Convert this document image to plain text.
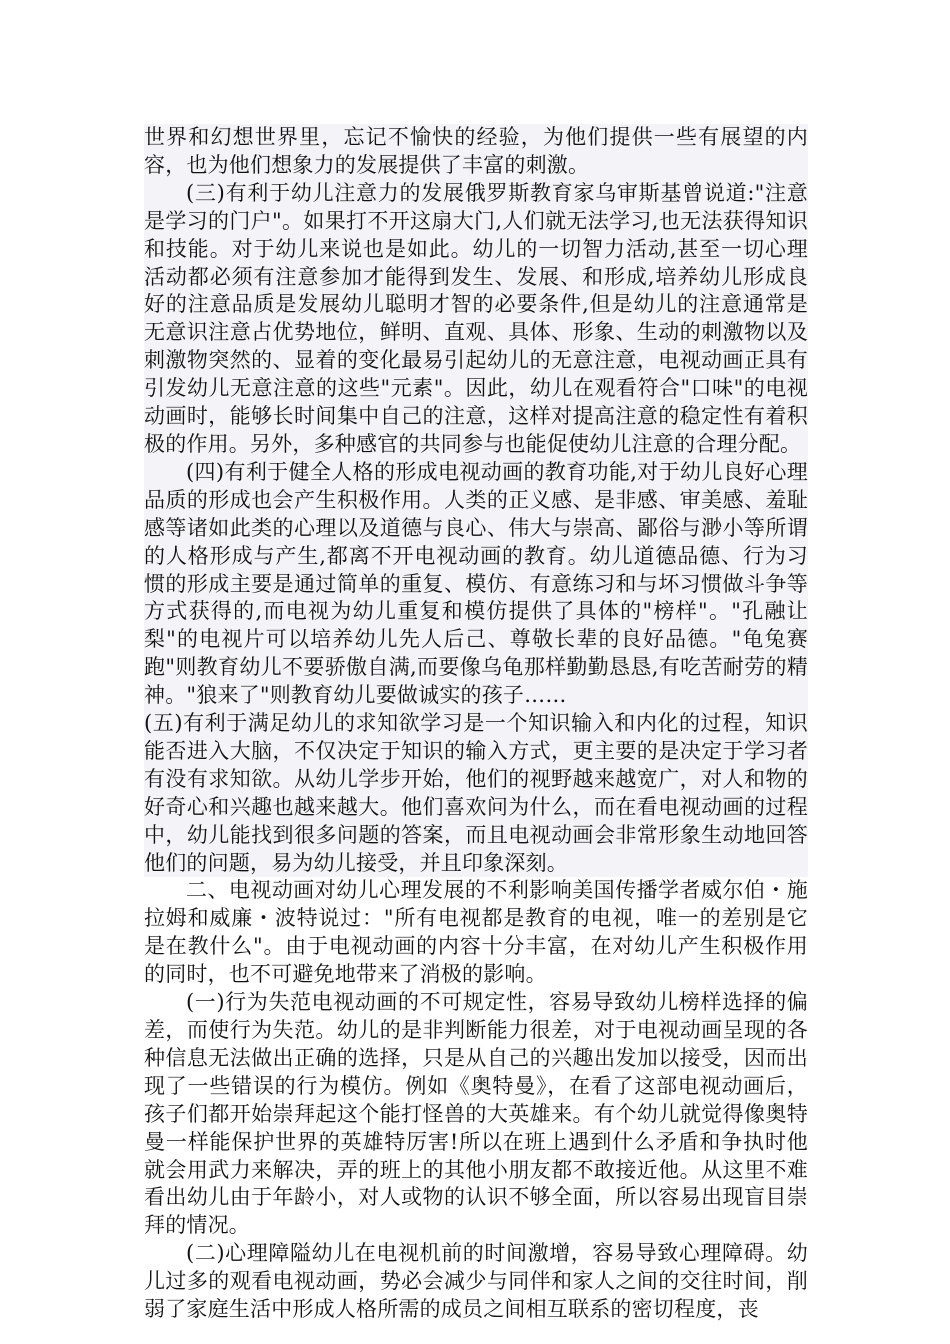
世界和幻想世界里，忘记不愉快的经验，为他们提供一些有展望的内容，也为他们想象力的发展提供了丰富的刺激。

(三)有利于幼儿注意力的发展俄罗斯教育家乌审斯基曾说道:"注意是学习的门户"。如果打不开这扇大门,人们就无法学习,也无法获得知识和技能。对于幼儿来说也是如此。幼儿的一切智力活动,甚至一切心理活动都必须有注意参加才能得到发生、发展、和形成,培养幼儿形成良好的注意品质是发展幼儿聪明才智的必要条件,但是幼儿的注意通常是无意识注意占优势地位，鲜明、直观、具体、形象、生动的刺激物以及刺激物突然的、显着的变化最易引起幼儿的无意注意，电视动画正具有引发幼儿无意注意的这些"元素"。因此，幼儿在观看符合"口味"的电视动画时，能够长时间集中自己的注意，这样对提高注意的稳定性有着积极的作用。另外，多种感官的共同参与也能促使幼儿注意的合理分配。

(四)有利于健全人格的形成电视动画的教育功能,对于幼儿良好心理品质的形成也会产生积极作用。人类的正义感、是非感、审美感、羞耻感等诸如此类的心理以及道德与良心、伟大与崇高、鄙俗与渺小等所谓的人格形成与产生,都离不开电视动画的教育。幼儿道德品德、行为习惯的形成主要是通过简单的重复、模仿、有意练习和与坏习惯做斗争等方式获得的,而电视为幼儿重复和模仿提供了具体的"榜样"。"孔融让梨"的电视片可以培养幼儿先人后己、尊敬长辈的良好品德。"龟兔赛跑"则教育幼儿不要骄傲自满,而要像乌龟那样勤勤恳恳,有吃苦耐劳的精神。"狼来了"则教育幼儿要做诚实的孩子……

(五)有利于满足幼儿的求知欲学习是一个知识输入和内化的过程，知识能否进入大脑，不仅决定于知识的输入方式，更主要的是决定于学习者有没有求知欲。从幼儿学步开始，他们的视野越来越宽广，对人和物的好奇心和兴趣也越来越大。他们喜欢问为什么，而在看电视动画的过程中，幼儿能找到很多问题的答案，而且电视动画会非常形象生动地回答他们的问题，易为幼儿接受，并且印象深刻。

二、电视动画对幼儿心理发展的不利影响美国传播学者威尔伯・施 拉姆和威廉・波特说过："所有电视都是教育的电视，唯一的差别是它是在教什么"。由于电视动画的内容十分丰富，在对幼儿产生积极作用的同时，也不可避免地带来了消极的影响。

(一)行为失范电视动画的不可规定性，容易导致幼儿榜样选择的偏差，而使行为失范。幼儿的是非判断能力很差，对于电视动画呈现的各种信息无法做出正确的选择，只是从自己的兴趣出发加以接受，因而出现了一些错误的行为模仿。例如《奥特曼》，在看了这部电视动画后，孩子们都开始崇拜起这个能打怪兽的大英雄来。有个幼儿就觉得像奥特曼一样能保护世界的英雄特厉害!所以在班上遇到什么矛盾和争执时他就会用武力来解决，弄的班上的其他小朋友都不敢接近他。从这里不难看出幼儿由于年龄小，对人或物的认识不够全面，所以容易出现盲目崇拜的情况。

(二)心理障隘幼儿在电视机前的时间激增，容易导致心理障碍。幼儿过多的观看电视动画，势必会减少与同伴和家人之间的交往时间，削弱了家庭生活中形成人格所需的成员之间相互联系的密切程度，丧
